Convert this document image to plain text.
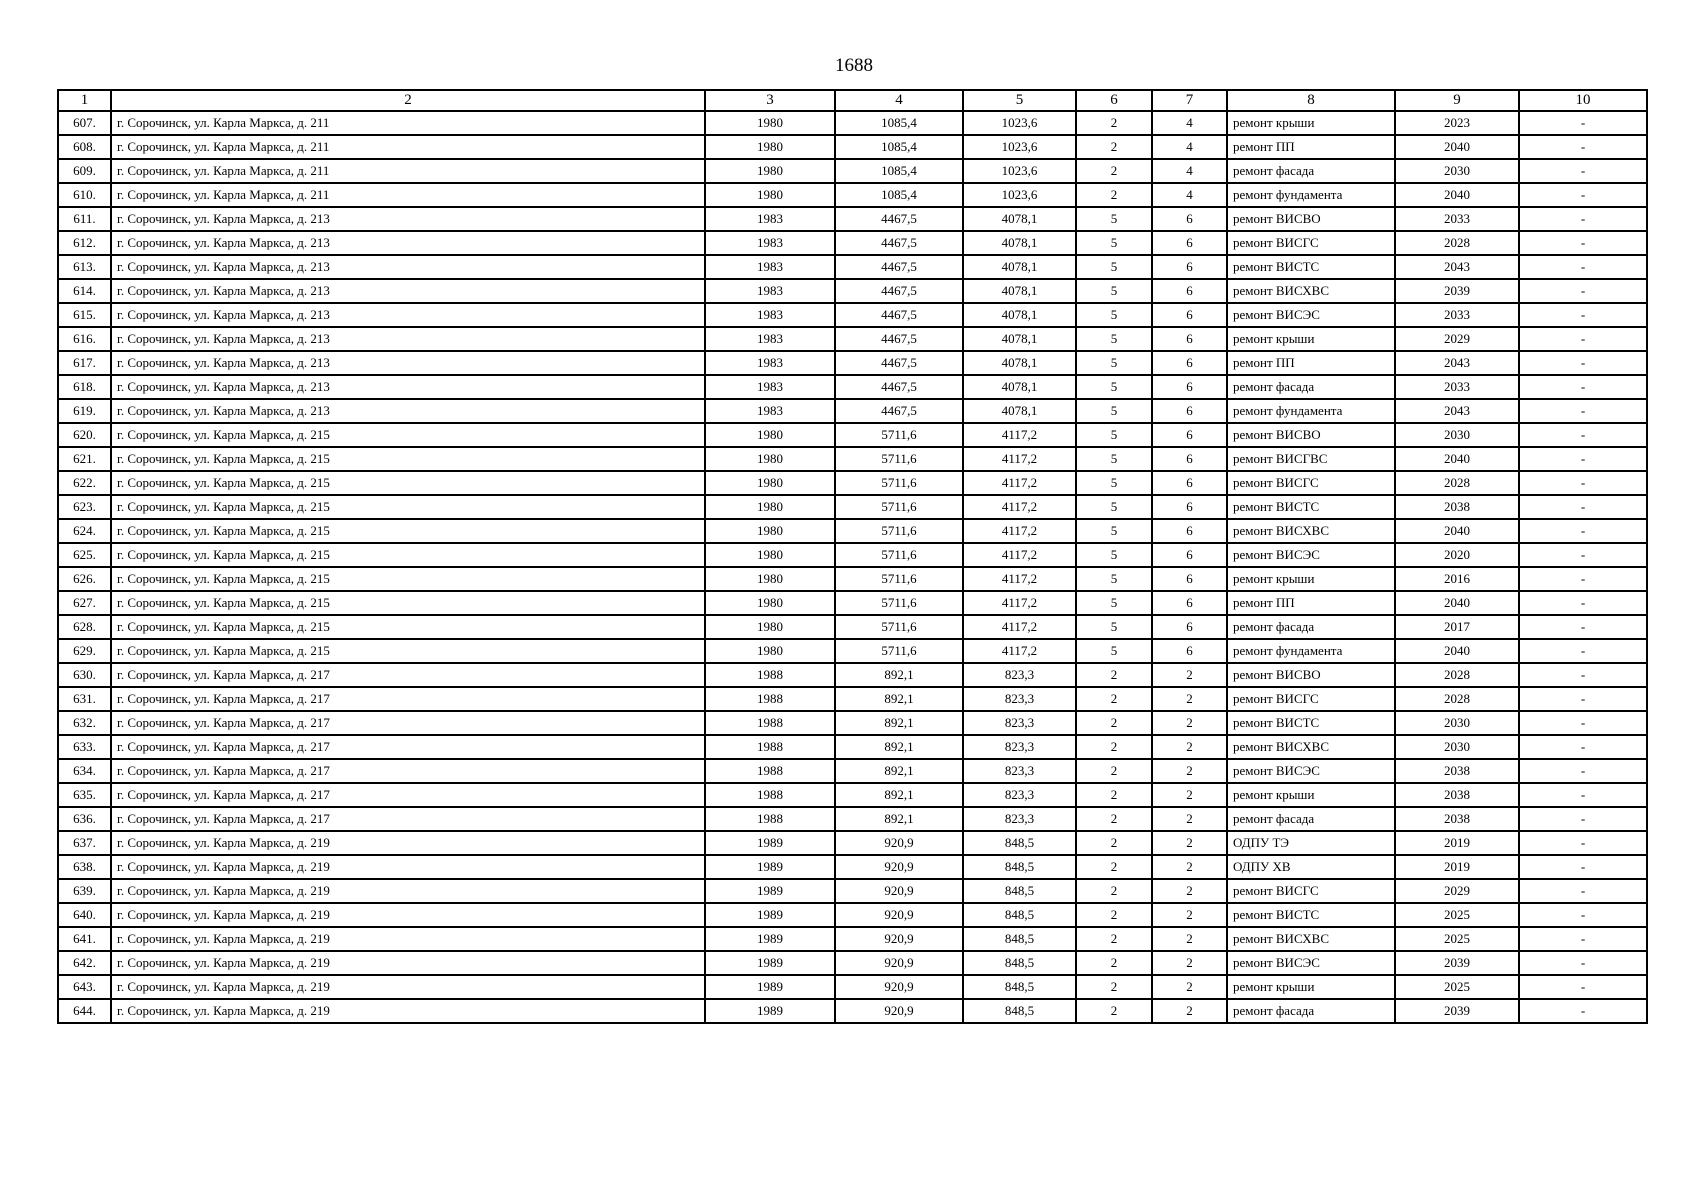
1688
1	2	3	4	5	6	7	8	9	10
607.	г. Сорочинск, ул. Карла Маркса, д. 211	1980	1085,4	1023,6	2	4	ремонт крыши	2023	-
608.	г. Сорочинск, ул. Карла Маркса, д. 211	1980	1085,4	1023,6	2	4	ремонт ПП	2040	-
609.	г. Сорочинск, ул. Карла Маркса, д. 211	1980	1085,4	1023,6	2	4	ремонт фасада	2030	-
610.	г. Сорочинск, ул. Карла Маркса, д. 211	1980	1085,4	1023,6	2	4	ремонт фундамента	2040	-
611.	г. Сорочинск, ул. Карла Маркса, д. 213	1983	4467,5	4078,1	5	6	ремонт ВИСВО	2033	-
612.	г. Сорочинск, ул. Карла Маркса, д. 213	1983	4467,5	4078,1	5	6	ремонт ВИСГС	2028	-
613.	г. Сорочинск, ул. Карла Маркса, д. 213	1983	4467,5	4078,1	5	6	ремонт ВИСТС	2043	-
614.	г. Сорочинск, ул. Карла Маркса, д. 213	1983	4467,5	4078,1	5	6	ремонт ВИСХВС	2039	-
615.	г. Сорочинск, ул. Карла Маркса, д. 213	1983	4467,5	4078,1	5	6	ремонт ВИСЭС	2033	-
616.	г. Сорочинск, ул. Карла Маркса, д. 213	1983	4467,5	4078,1	5	6	ремонт крыши	2029	-
617.	г. Сорочинск, ул. Карла Маркса, д. 213	1983	4467,5	4078,1	5	6	ремонт ПП	2043	-
618.	г. Сорочинск, ул. Карла Маркса, д. 213	1983	4467,5	4078,1	5	6	ремонт фасада	2033	-
619.	г. Сорочинск, ул. Карла Маркса, д. 213	1983	4467,5	4078,1	5	6	ремонт фундамента	2043	-
620.	г. Сорочинск, ул. Карла Маркса, д. 215	1980	5711,6	4117,2	5	6	ремонт ВИСВО	2030	-
621.	г. Сорочинск, ул. Карла Маркса, д. 215	1980	5711,6	4117,2	5	6	ремонт ВИСГВС	2040	-
622.	г. Сорочинск, ул. Карла Маркса, д. 215	1980	5711,6	4117,2	5	6	ремонт ВИСГС	2028	-
623.	г. Сорочинск, ул. Карла Маркса, д. 215	1980	5711,6	4117,2	5	6	ремонт ВИСТС	2038	-
624.	г. Сорочинск, ул. Карла Маркса, д. 215	1980	5711,6	4117,2	5	6	ремонт ВИСХВС	2040	-
625.	г. Сорочинск, ул. Карла Маркса, д. 215	1980	5711,6	4117,2	5	6	ремонт ВИСЭС	2020	-
626.	г. Сорочинск, ул. Карла Маркса, д. 215	1980	5711,6	4117,2	5	6	ремонт крыши	2016	-
627.	г. Сорочинск, ул. Карла Маркса, д. 215	1980	5711,6	4117,2	5	6	ремонт ПП	2040	-
628.	г. Сорочинск, ул. Карла Маркса, д. 215	1980	5711,6	4117,2	5	6	ремонт фасада	2017	-
629.	г. Сорочинск, ул. Карла Маркса, д. 215	1980	5711,6	4117,2	5	6	ремонт фундамента	2040	-
630.	г. Сорочинск, ул. Карла Маркса, д. 217	1988	892,1	823,3	2	2	ремонт ВИСВО	2028	-
631.	г. Сорочинск, ул. Карла Маркса, д. 217	1988	892,1	823,3	2	2	ремонт ВИСГС	2028	-
632.	г. Сорочинск, ул. Карла Маркса, д. 217	1988	892,1	823,3	2	2	ремонт ВИСТС	2030	-
633.	г. Сорочинск, ул. Карла Маркса, д. 217	1988	892,1	823,3	2	2	ремонт ВИСХВС	2030	-
634.	г. Сорочинск, ул. Карла Маркса, д. 217	1988	892,1	823,3	2	2	ремонт ВИСЭС	2038	-
635.	г. Сорочинск, ул. Карла Маркса, д. 217	1988	892,1	823,3	2	2	ремонт крыши	2038	-
636.	г. Сорочинск, ул. Карла Маркса, д. 217	1988	892,1	823,3	2	2	ремонт фасада	2038	-
637.	г. Сорочинск, ул. Карла Маркса, д. 219	1989	920,9	848,5	2	2	ОДПУ ТЭ	2019	-
638.	г. Сорочинск, ул. Карла Маркса, д. 219	1989	920,9	848,5	2	2	ОДПУ ХВ	2019	-
639.	г. Сорочинск, ул. Карла Маркса, д. 219	1989	920,9	848,5	2	2	ремонт ВИСГС	2029	-
640.	г. Сорочинск, ул. Карла Маркса, д. 219	1989	920,9	848,5	2	2	ремонт ВИСТС	2025	-
641.	г. Сорочинск, ул. Карла Маркса, д. 219	1989	920,9	848,5	2	2	ремонт ВИСХВС	2025	-
642.	г. Сорочинск, ул. Карла Маркса, д. 219	1989	920,9	848,5	2	2	ремонт ВИСЭС	2039	-
643.	г. Сорочинск, ул. Карла Маркса, д. 219	1989	920,9	848,5	2	2	ремонт крыши	2025	-
644.	г. Сорочинск, ул. Карла Маркса, д. 219	1989	920,9	848,5	2	2	ремонт фасада	2039	-
